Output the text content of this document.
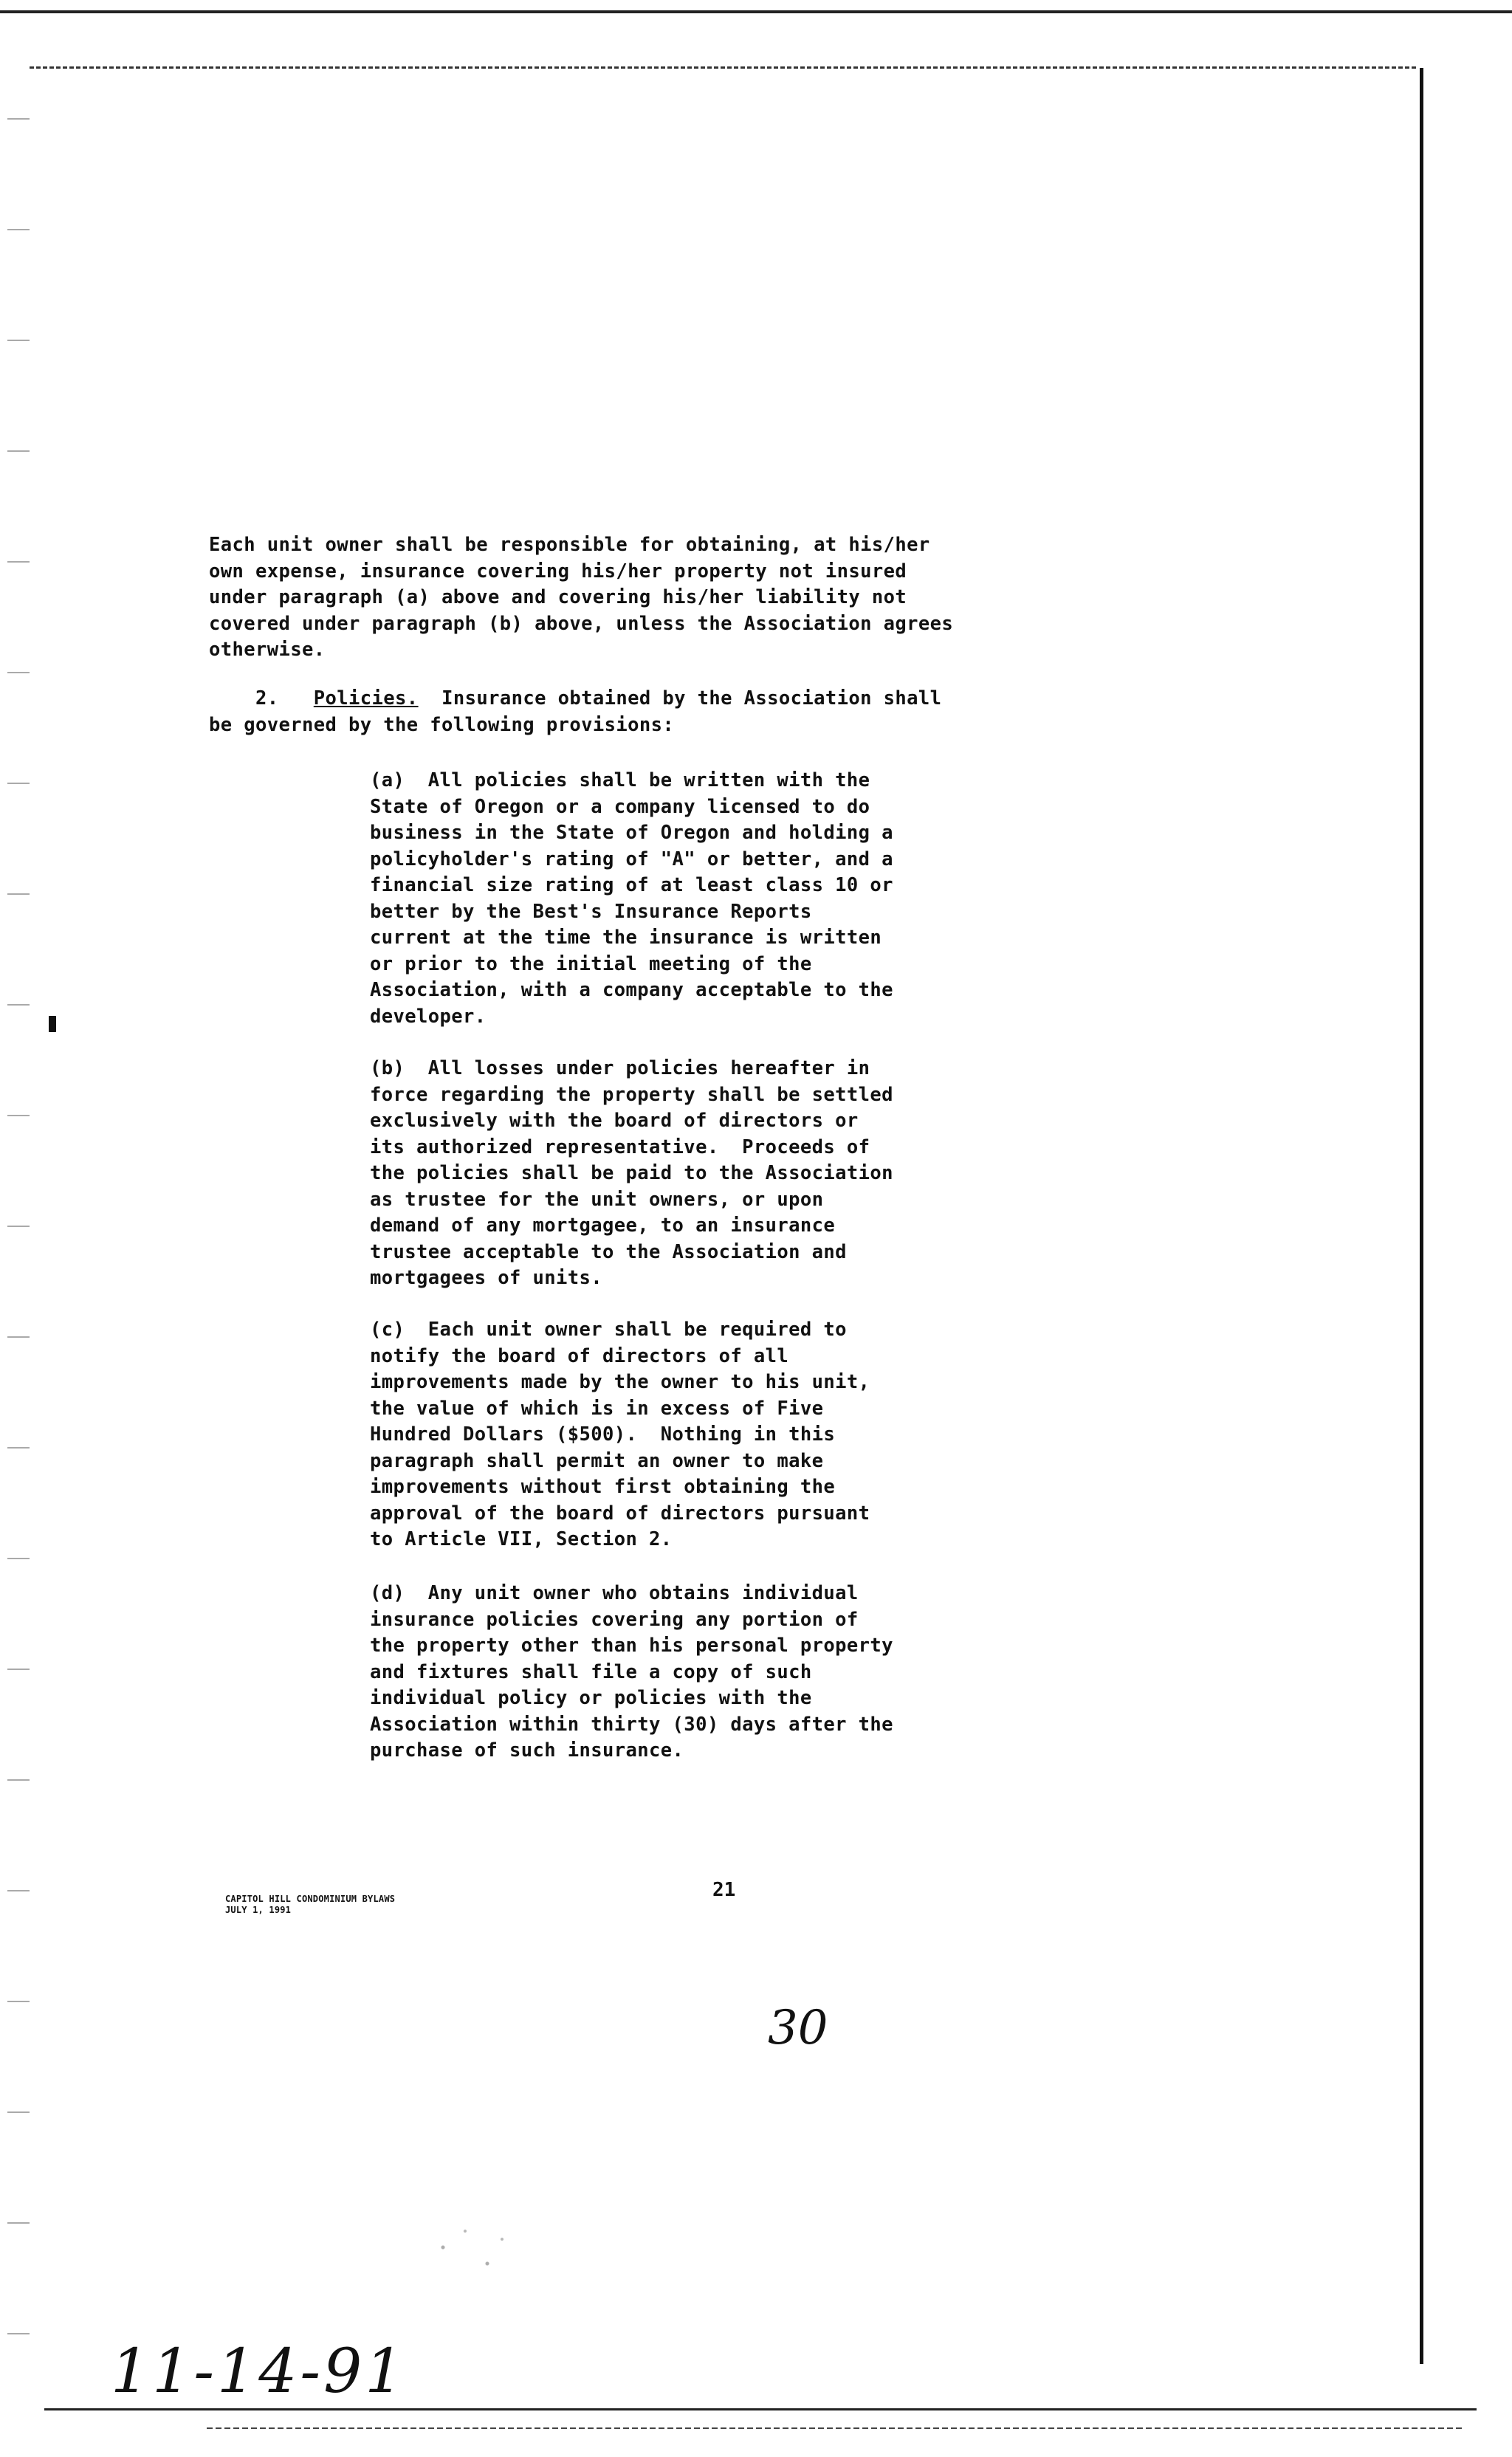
Each unit owner shall be responsible for obtaining, at his/her
own expense, insurance covering his/her property not insured
under paragraph (a) above and covering his/her liability not
covered under paragraph (b) above, unless the Association agrees
otherwise.

2.   Policies.  Insurance obtained by the Association shall
be governed by the following provisions:

(a)  All policies shall be written with the
State of Oregon or a company licensed to do
business in the State of Oregon and holding a
policyholder's rating of "A" or better, and a
financial size rating of at least class 10 or
better by the Best's Insurance Reports
current at the time the insurance is written
or prior to the initial meeting of the
Association, with a company acceptable to the
developer.

(b)  All losses under policies hereafter in
force regarding the property shall be settled
exclusively with the board of directors or
its authorized representative.  Proceeds of
the policies shall be paid to the Association
as trustee for the unit owners, or upon
demand of any mortgagee, to an insurance
trustee acceptable to the Association and
mortgagees of units.

(c)  Each unit owner shall be required to
notify the board of directors of all
improvements made by the owner to his unit,
the value of which is in excess of Five
Hundred Dollars ($500).  Nothing in this
paragraph shall permit an owner to make
improvements without first obtaining the
approval of the board of directors pursuant
to Article VII, Section 2.

(d)  Any unit owner who obtains individual
insurance policies covering any portion of
the property other than his personal property
and fixtures shall file a copy of such
individual policy or policies with the
Association within thirty (30) days after the
purchase of such insurance.

CAPITOL HILL CONDOMINIUM BYLAWS
JULY 1, 1991
21
30
11-14-91
